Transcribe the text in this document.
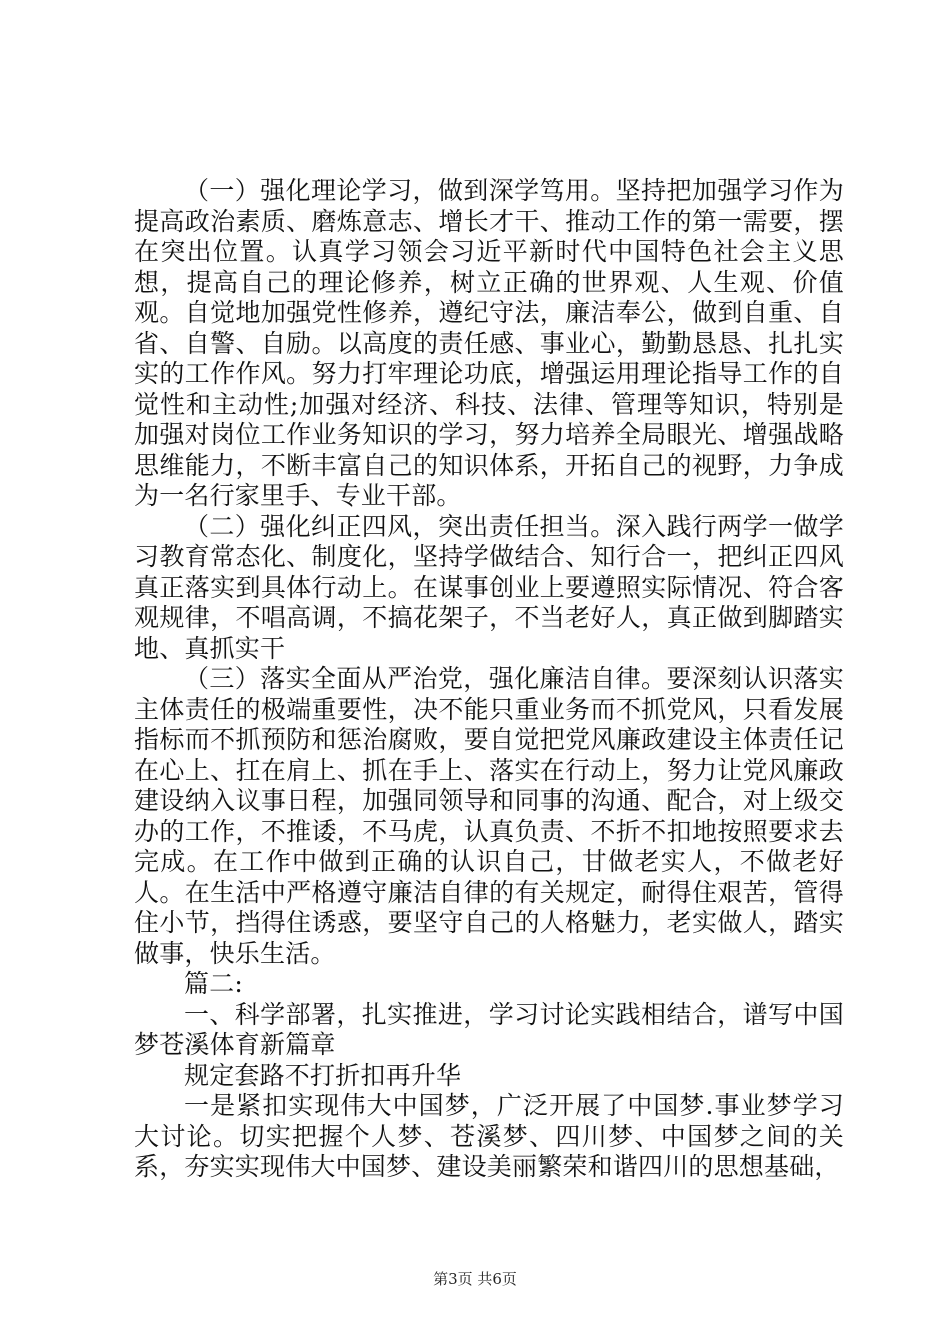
（一）强化理论学习，做到深学笃用。坚持把加强学习作为提高政治素质、磨炼意志、增长才干、推动工作的第一需要，摆在突出位置。认真学习领会习近平新时代中国特色社会主义思想，提高自己的理论修养，树立正确的世界观、人生观、价值观。自觉地加强党性修养，遵纪守法，廉洁奉公，做到自重、自省、自警、自励。以高度的责任感、事业心，勤勤恳恳、扎扎实实的工作作风。努力打牢理论功底，增强运用理论指导工作的自觉性和主动性;加强对经济、科技、法律、管理等知识，特别是加强对岗位工作业务知识的学习，努力培养全局眼光、增强战略思维能力，不断丰富自己的知识体系，开拓自己的视野，力争成为一名行家里手、专业干部。

（二）强化纠正四风，突出责任担当。深入践行两学一做学习教育常态化、制度化，坚持学做结合、知行合一，把纠正四风真正落实到具体行动上。在谋事创业上要遵照实际情况、符合客观规律，不唱高调，不搞花架子，不当老好人，真正做到脚踏实地、真抓实干

（三）落实全面从严治党，强化廉洁自律。要深刻认识落实主体责任的极端重要性，决不能只重业务而不抓党风，只看发展指标而不抓预防和惩治腐败，要自觉把党风廉政建设主体责任记在心上、扛在肩上、抓在手上、落实在行动上，努力让党风廉政建设纳入议事日程，加强同领导和同事的沟通、配合，对上级交办的工作，不推诿，不马虎，认真负责、不折不扣地按照要求去完成。在工作中做到正确的认识自己，甘做老实人，不做老好人。在生活中严格遵守廉洁自律的有关规定，耐得住艰苦，管得住小节，挡得住诱惑，要坚守自己的人格魅力，老实做人，踏实做事，快乐生活。

篇二:

一、科学部署，扎实推进，学习讨论实践相结合，谱写中国梦苍溪体育新篇章

规定套路不打折扣再升华

一是紧扣实现伟大中国梦，广泛开展了中国梦.事业梦学习大讨论。切实把握个人梦、苍溪梦、四川梦、中国梦之间的关系，夯实实现伟大中国梦、建设美丽繁荣和谐四川的思想基础，

第3页 共6页
